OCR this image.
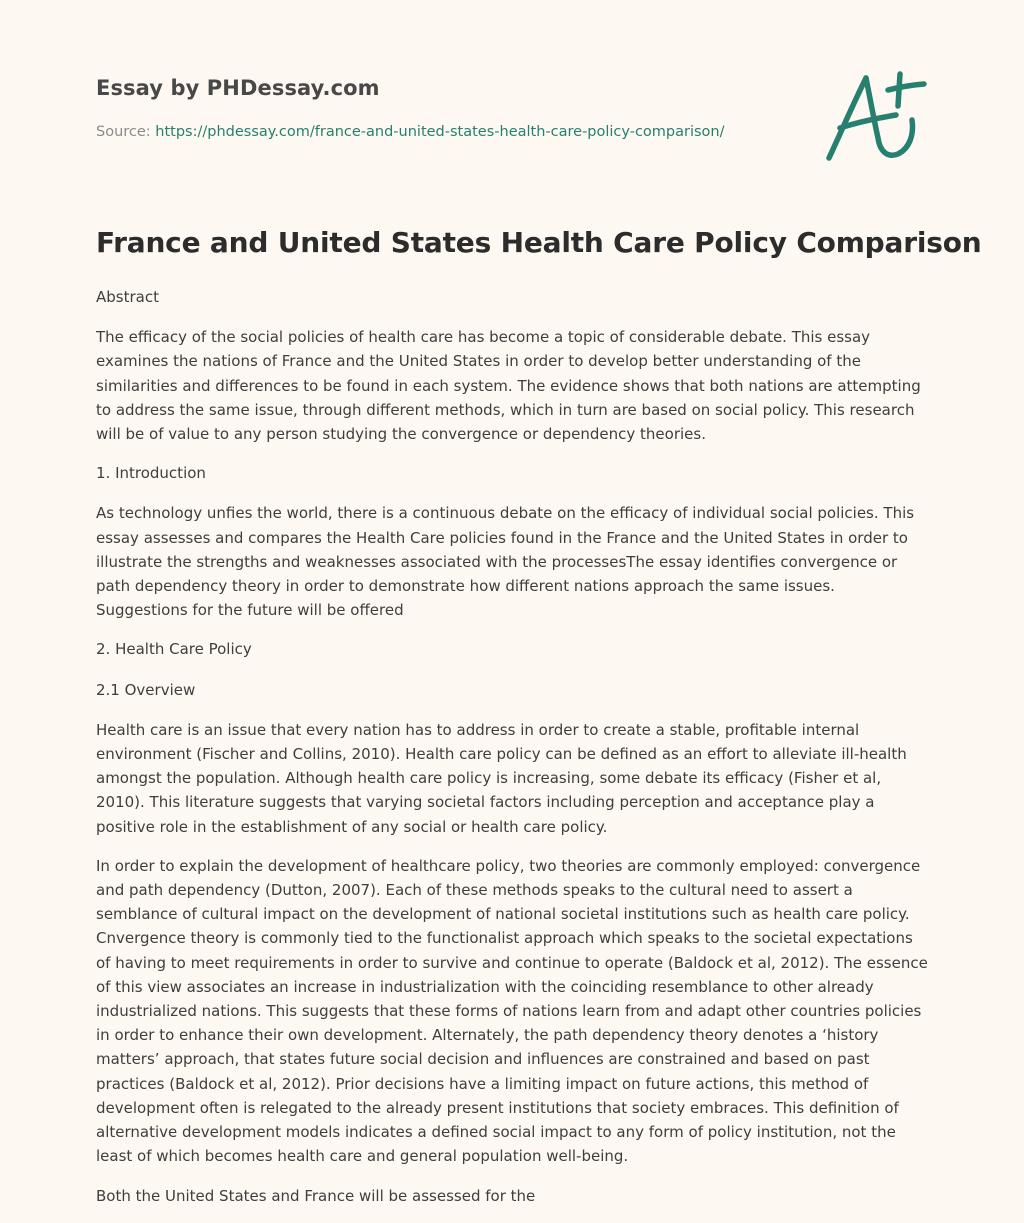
Essay by PHDessay.com

Source: https://phdessay.com/france-and-united-states-health-care-policy-comparison/

France and United States Health Care Policy Comparison

Abstract

The efficacy of the social policies of health care has become a topic of considerable debate. This essay examines the nations of France and the United States in order to develop better understanding of the similarities and differences to be found in each system. The evidence shows that both nations are attempting to address the same issue, through different methods, which in turn are based on social policy. This research will be of value to any person studying the convergence or dependency theories.

1. Introduction

As technology unfies the world, there is a continuous debate on the efficacy of individual social policies. This essay assesses and compares the Health Care policies found in the France and the United States in order to illustrate the strengths and weaknesses associated with the processesThe essay identifies convergence or path dependency theory in order to demonstrate how different nations approach the same issues. Suggestions for the future will be offered

2. Health Care Policy

2.1 Overview

Health care is an issue that every nation has to address in order to create a stable, profitable internal environment (Fischer and Collins, 2010). Health care policy can be defined as an effort to alleviate ill-health amongst the population. Although health care policy is increasing, some debate its efficacy (Fisher et al, 2010). This literature suggests that varying societal factors including perception and acceptance play a positive role in the establishment of any social or health care policy.

In order to explain the development of healthcare policy, two theories are commonly employed: convergence and path dependency (Dutton, 2007). Each of these methods speaks to the cultural need to assert a semblance of cultural impact on the development of national societal institutions such as health care policy. Cnvergence theory is commonly tied to the functionalist approach which speaks to the societal expectations of having to meet requirements in order to survive and continue to operate (Baldock et al, 2012). The essence of this view associates an increase in industrialization with the coinciding resemblance to other already industrialized nations. This suggests that these forms of nations learn from and adapt other countries policies in order to enhance their own development. Alternately, the path dependency theory denotes a ‘history matters’ approach, that states future social decision and influences are constrained and based on past practices (Baldock et al, 2012). Prior decisions have a limiting impact on future actions, this method of development often is relegated to the already present institutions that society embraces. This definition of alternative development models indicates a defined social impact to any form of policy institution, not the least of which becomes health care and general population well-being.

Both the United States and France will be assessed for the
